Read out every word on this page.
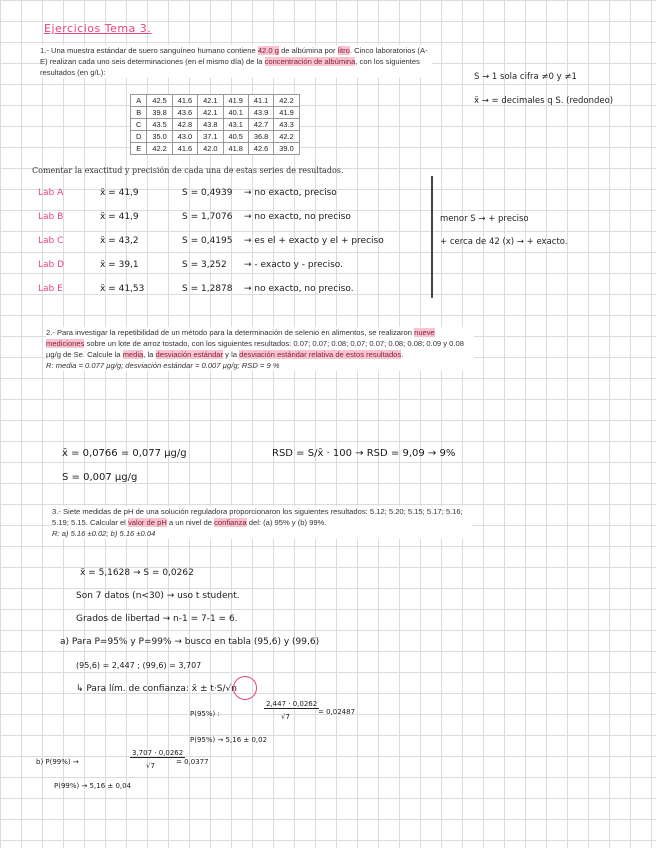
Ejercicios Tema 3.
1.- Una muestra estándar de suero sanguíneo humano contiene 42.0 g de albúmina por litro. Cinco laboratorios (A-E) realizan cada uno seis determinaciones (en el mismo día) de la concentración de albúmina, con los siguientes resultados (en g/L):	S → 1 sola cifra ≠0 y ≠1
x̄ → = decimales q S. (redondeo)
A	42.5	41.6	42.1	41.9	41.1	42.2
B	39.8	43.6	42.1	40.1	43.9	41.9
C	43.5	42.8	43.8	43.1	42.7	43.3
D	35.0	43.0	37.1	40.5	36.8	42.2
E	42.2	41.6	42.0	41.8	42.6	39.0
Comentar la exactitud y precisión de cada una de estas series de resultados.
Lab A	x̄ = 41,9	S = 0,4939 → no exacto, preciso
Lab B	x̄ = 41,9	S = 1,7076 → no exacto, no preciso
Lab C	x̄ = 43,2	S = 0,4195 → es el + exacto y el + preciso
Lab D	x̄ = 39,1	S = 3,252 → - exacto y - preciso.
Lab E	x̄ = 41,53	S = 1,2878 → no exacto, no preciso.
menor S → + preciso
+ cerca de 42 (x) → + exacto.
2.- Para investigar la repetibilidad de un método para la determinación de selenio en alimentos, se realizaron nueve mediciones sobre un lote de arroz tostado, con los siguientes resultados: 0.07; 0.07; 0.08; 0.07; 0.07; 0.08; 0.08; 0.09 y 0.08 µg/g de Se. Calcule la media, la desviación estándar y la desviación estándar relativa de estos resultados.
R: media = 0.077 µg/g; desviación estándar = 0.007 µg/g; RSD = 9 %
x̄ = 0,0766 = 0,077 µg/g	RSD = S/x̄ · 100 → RSD = 9,09 → 9%
S = 0,007 µg/g
3.- Siete medidas de pH de una solución reguladora proporcionaron los siguientes resultados: 5.12; 5.20; 5.15; 5.17; 5.16; 5.19; 5.15. Calcular el valor de pH a un nivel de confianza del: (a) 95% y (b) 99%.
R: a) 5.16 ±0.02; b) 5.16 ±0.04
x̄ = 5,1628 → S = 0,0262
Son 7 datos (n<30) → uso t student.
Grados de libertad → n-1 = 7-1 = 6.
a) Para P=95% y P=99% → busco en tabla (95,6) y (99,6)
(95,6) = 2,447 ; (99,6) = 3,707
↳ Para lím. de confianza: x̄ ± t·S/√n
P(95%) :
2,447 · 0,0262
√7
= 0,02487
P(95%) → 5,16 ± 0,02
b) P(99%) →
3,707 · 0,0262
√7	= 0,0377
P(99%) → 5,16 ± 0,04
